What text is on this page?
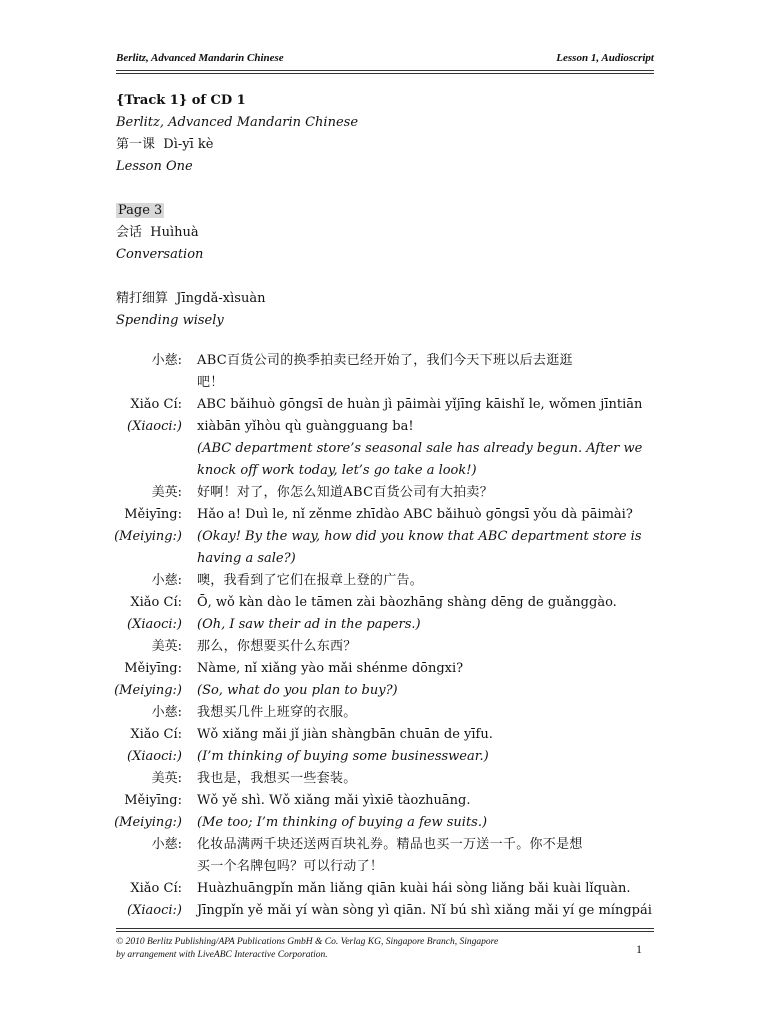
Berlitz, Advanced Mandarin Chinese	Lesson 1, Audioscript
{Track 1} of CD 1
Berlitz, Advanced Mandarin Chinese
第一课 Dì-yī kè
Lesson One
Page 3
会话 Huìhuà
Conversation
精打细算 Jīngdǎ-xìsuàn
Spending wisely
小慈: ABC百货公司的换季拍卖已经开始了，我们今天下班以后去逛逛
吧！
Xiǎo Cí: ABC bǎihuò gōngsī de huàn jì pāimài yǐjīng kāishǐ le, wǒmen jīntiān
(Xiaoci:) xiàbān yǐhòu qù guàngguang ba!
(ABC department store’s seasonal sale has already begun. After we
knock off work today, let’s go take a look!)
美英: 好啊！对了，你怎么知道ABC百货公司有大拍卖？
Měiyīng: Hǎo a! Duì le, nǐ zěnme zhīdào ABC bǎihuò gōngsī yǒu dà pāimài?
(Meiying:) (Okay! By the way, how did you know that ABC department store is
having a sale?)
小慈: 噢，我看到了它们在报章上登的广告。
Xiǎo Cí: Ō, wǒ kàn dào le tāmen zài bàozhāng shàng dēng de guǎnggào.
(Xiaoci:) (Oh, I saw their ad in the papers.)
美英: 那么，你想要买什么东西？
Měiyīng: Nàme, nǐ xiǎng yào mǎi shénme dōngxi?
(Meiying:) (So, what do you plan to buy?)
小慈: 我想买几件上班穿的衣服。
Xiǎo Cí: Wǒ xiǎng mǎi jǐ jiàn shàngbān chuān de yīfu.
(Xiaoci:) (I’m thinking of buying some businesswear.)
美英: 我也是，我想买一些套装。
Měiyīng: Wǒ yě shì. Wǒ xiǎng mǎi yìxiē tàozhuāng.
(Meiying:) (Me too; I’m thinking of buying a few suits.)
小慈: 化妆品满两千块还送两百块礼券。精品也买一万送一千。你不是想
买一个名牌包吗？可以行动了！
Xiǎo Cí: Huàzhuāngpǐn mǎn liǎng qiān kuài hái sòng liǎng bǎi kuài lǐquàn.
(Xiaoci:) Jīngpǐn yě mǎi yí wàn sòng yì qiān. Nǐ bú shì xiǎng mǎi yí ge míngpái
© 2010 Berlitz Publishing/APA Publications GmbH & Co. Verlag KG, Singapore Branch, Singapore
by arrangement with LiveABC Interactive Corporation.	1
